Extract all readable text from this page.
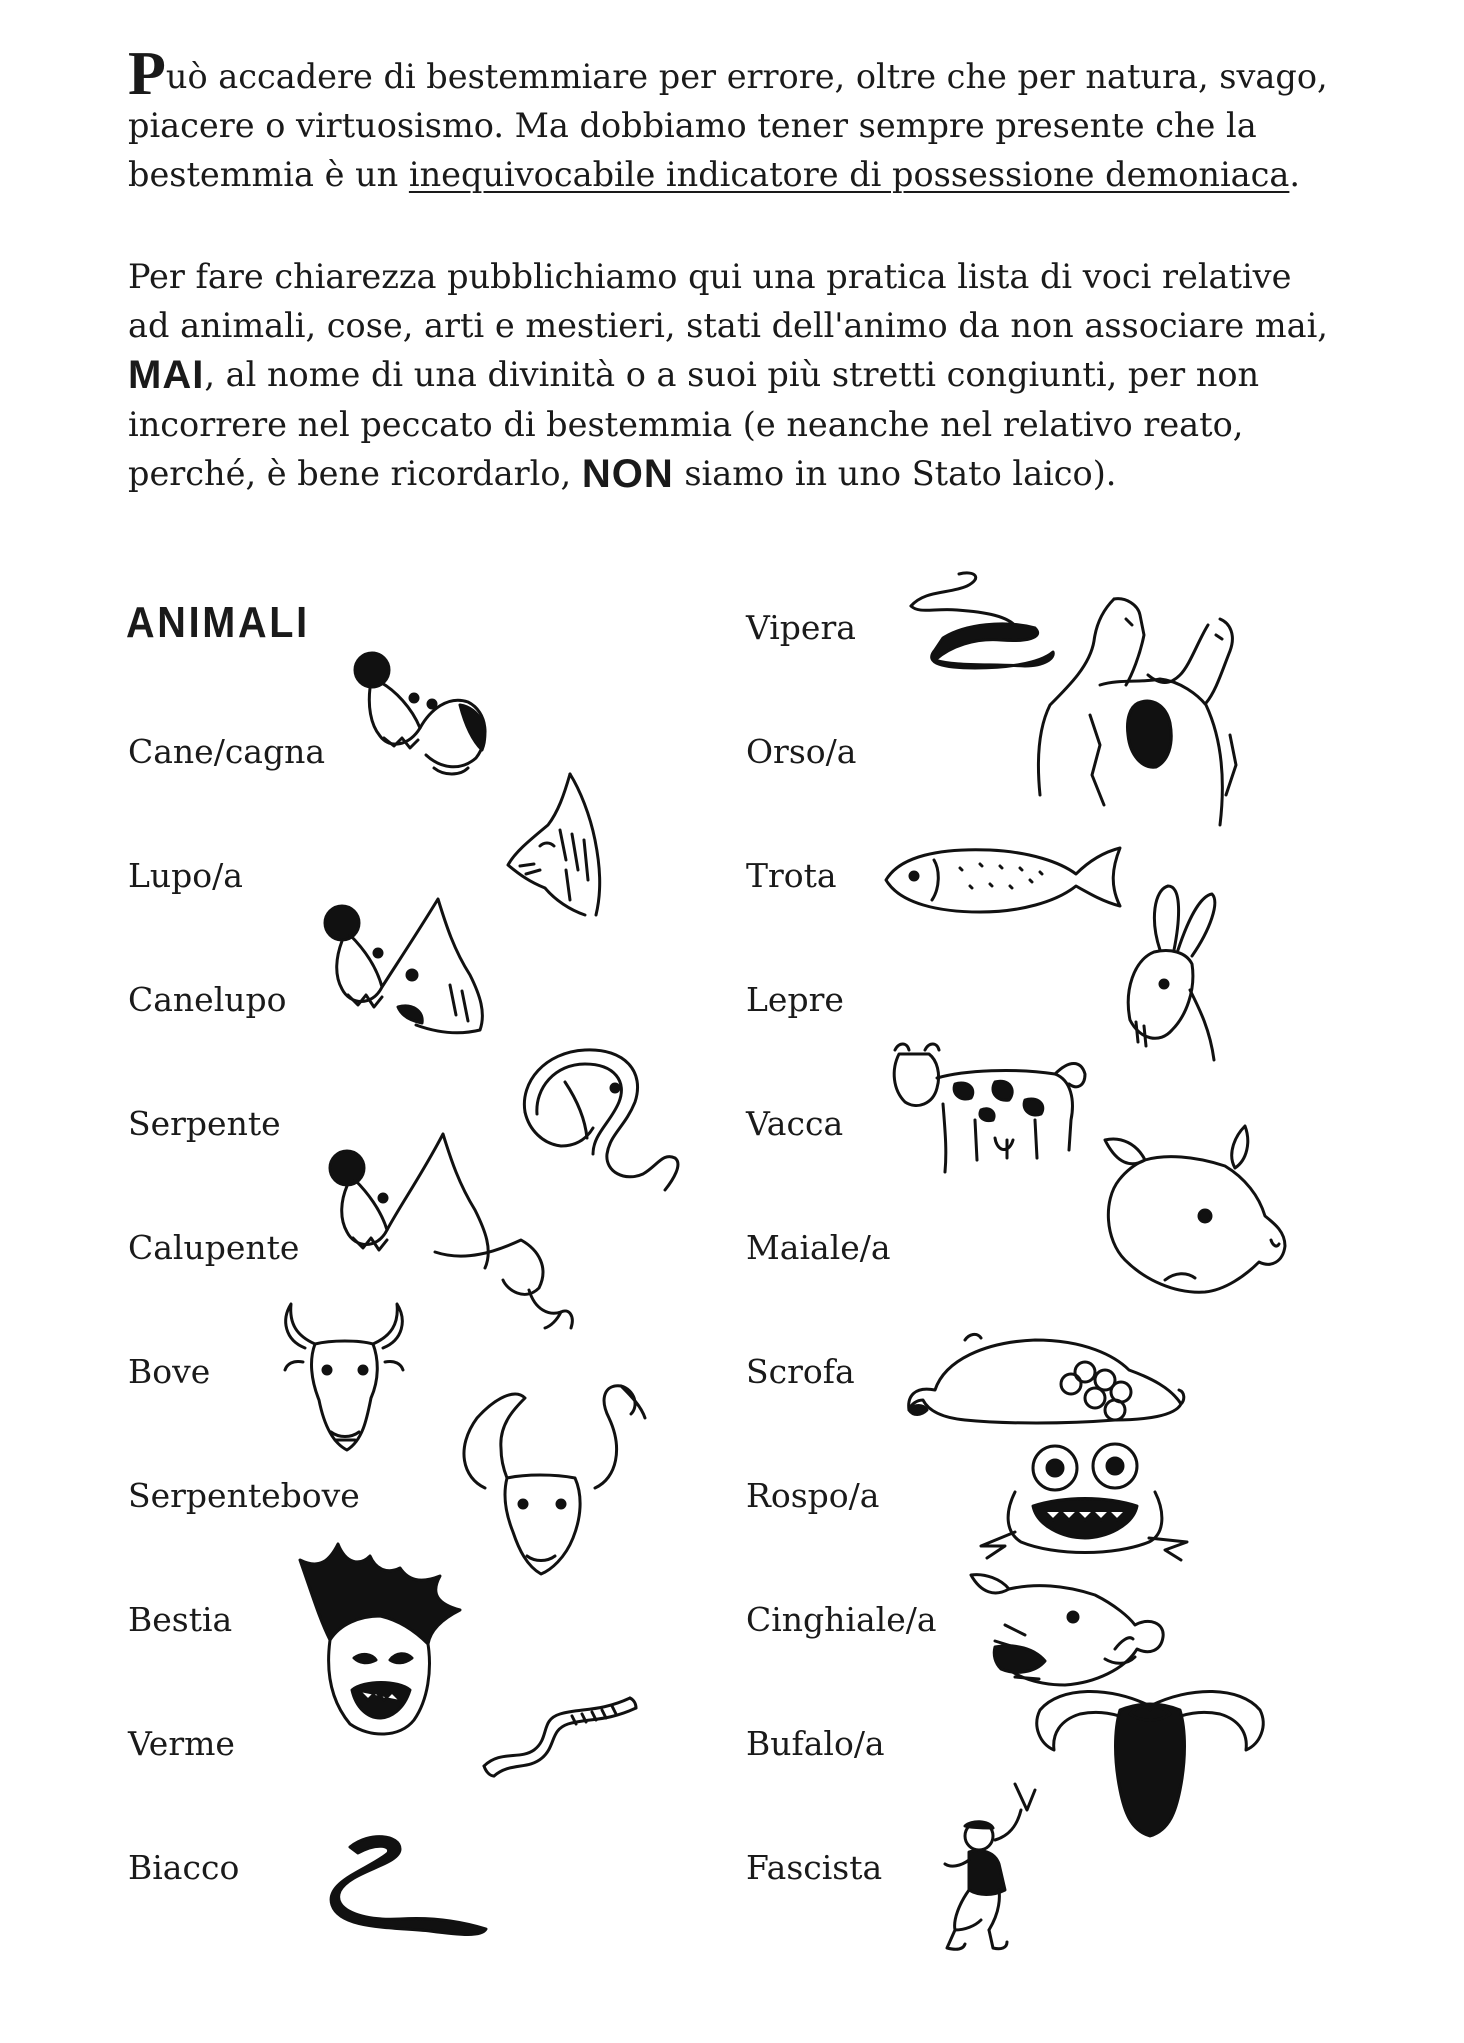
Può accadere di bestemmiare per errore, oltre che per natura, svago, piacere o virtuosismo. Ma dobbiamo tener sempre presente che la bestemmia è un inequivocabile indicatore di possessione demoniaca.

Per fare chiarezza pubblichiamo qui una pratica lista di voci relative ad animali, cose, arti e mestieri, stati dell'animo da non associare mai, MAI, al nome di una divinità o a suoi più stretti congiunti, per non incorrere nel peccato di bestemmia (e neanche nel relativo reato, perché, è bene ricordarlo, NON siamo in uno Stato laico).

ANIMALI
Cane/cagna
Lupo/a
Canelupo
Serpente
Calupente
Bove
Serpentebove
Bestia
Verme
Biacco
Vipera
Orso/a
Trota
Lepre
Vacca
Maiale/a
Scrofa
Rospo/a
Cinghiale/a
Bufalo/a
Fascista
